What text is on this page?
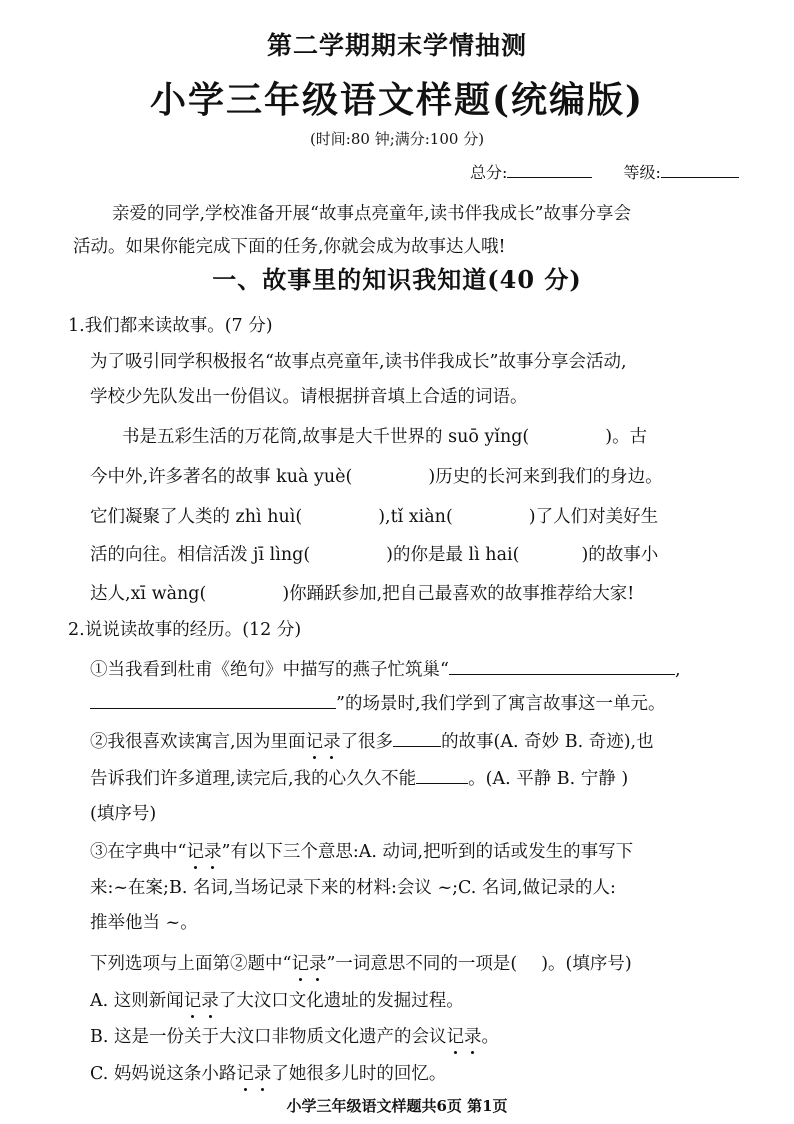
第二学期期末学情抽测
小学三年级语文样题(统编版)
(时间:80 钟;满分:100 分)
总分:	等级:
亲爱的同学,学校准备开展“故事点亮童年,读书伴我成长”故事分享会
活动。如果你能完成下面的任务,你就会成为故事达人哦!
一、故事里的知识我知道(40 分)
1.我们都来读故事。(7 分)
为了吸引同学积极报名“故事点亮童年,读书伴我成长”故事分享会活动,
学校少先队发出一份倡议。请根据拼音填上合适的词语。
书是五彩生活的万花筒,故事是大千世界的 suō yǐng(	)。古
今中外,许多著名的故事 kuà yuè(	)历史的长河来到我们的身边。
它们凝聚了人类的 zhì huì(	),tǐ xiàn(	)了人们对美好生
活的向往。相信活泼 jī lìng(	)的你是最 lì hai(	)的故事小
达人,xī wàng(	)你踊跃参加,把自己最喜欢的故事推荐给大家!
2.说说读故事的经历。(12 分)
①当我看到杜甫《绝句》中描写的燕子忙筑巢“	,
”的场景时,我们学到了寓言故事这一单元。
②我很喜欢读寓言,因为里面记录了很多	的故事(A. 奇妙 B. 奇迹),也
告诉我们许多道理,读完后,我的心久久不能	。(A. 平静 B. 宁静 )
(填序号)
③在字典中“记录”有以下三个意思:A. 动词,把听到的话或发生的事写下
来:~在案;B. 名词,当场记录下来的材料:会议 ~;C. 名词,做记录的人:
推举他当 ~。
下列选项与上面第②题中“记录”一词意思不同的一项是( )。(填序号)
A. 这则新闻记录了大汶口文化遗址的发掘过程。
B. 这是一份关于大汶口非物质文化遗产的会议记录。
C. 妈妈说这条小路记录了她很多儿时的回忆。
小学三年级语文样题共6页 第1页
